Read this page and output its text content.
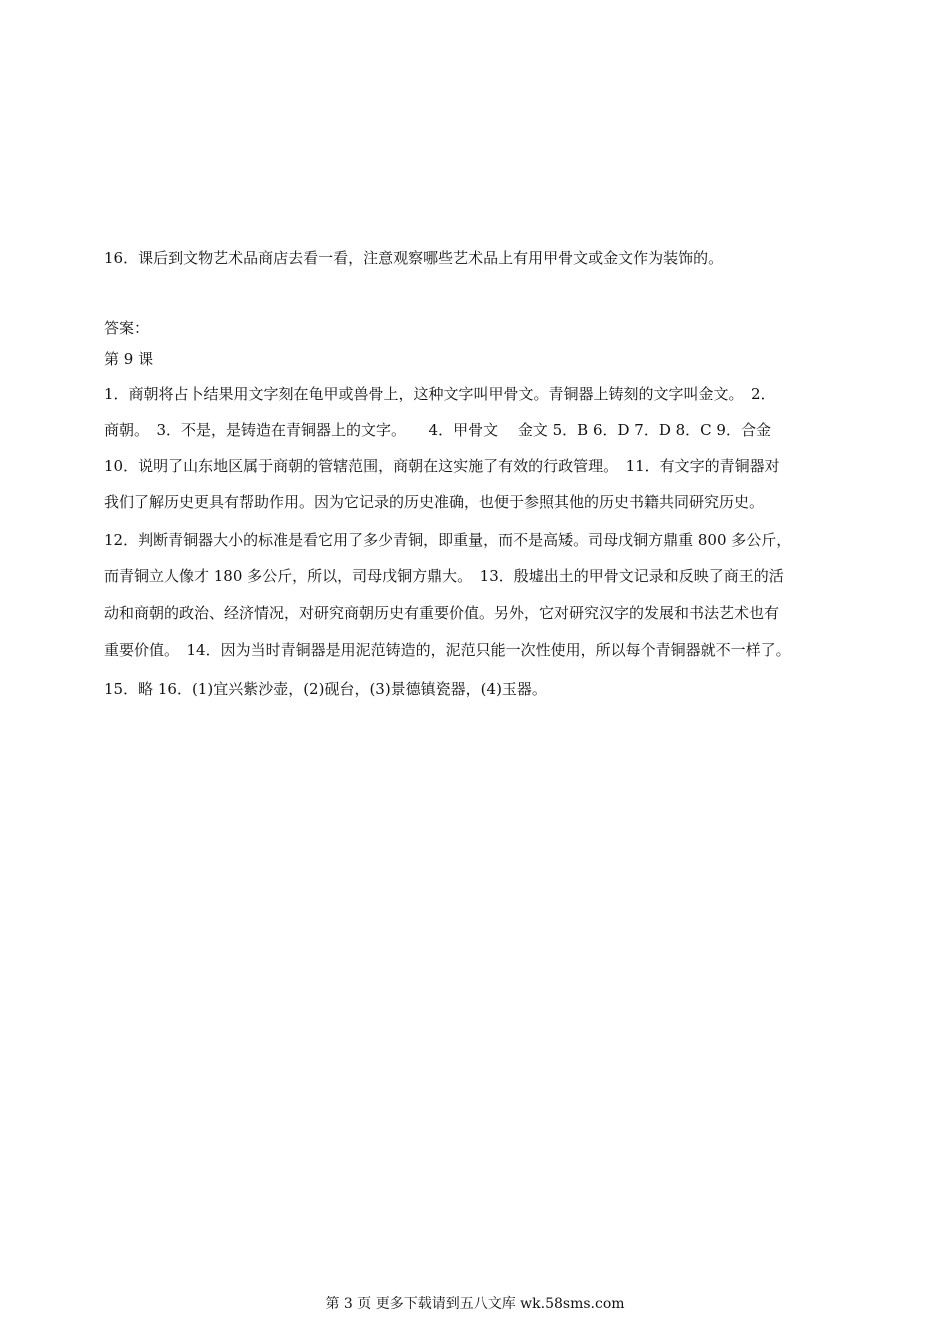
16．课后到文物艺术品商店去看一看，注意观察哪些艺术品上有用甲骨文或金文作为装饰的。
答案：
第 9 课
1．商朝将占卜结果用文字刻在龟甲或兽骨上，这种文字叫甲骨文。青铜器上铸刻的文字叫金文。　2．
商朝。　3．不是，是铸造在青铜器上的文字。　　4．甲骨文　 金文 5．B 6．D 7．D 8．C 9．合金
10．说明了山东地区属于商朝的管辖范围，商朝在这实施了有效的行政管理。　11．有文字的青铜器对
我们了解历史更具有帮助作用。因为它记录的历史准确，也便于参照其他的历史书籍共同研究历史。
12．判断青铜器大小的标准是看它用了多少青铜，即重量，而不是高矮。司母戊铜方鼎重 800 多公斤，
而青铜立人像才 180 多公斤，所以，司母戊铜方鼎大。　13．殷墟出土的甲骨文记录和反映了商王的活
动和商朝的政治、经济情况，对研究商朝历史有重要价值。另外，它对研究汉字的发展和书法艺术也有
重要价值。　14．因为当时青铜器是用泥范铸造的，泥范只能一次性使用，所以每个青铜器就不一样了。
15．略 16．(1)宜兴紫沙壶，(2)砚台，(3)景德镇瓷器，(4)玉器。
第 3 页 更多下载请到五八文库 wk.58sms.com
